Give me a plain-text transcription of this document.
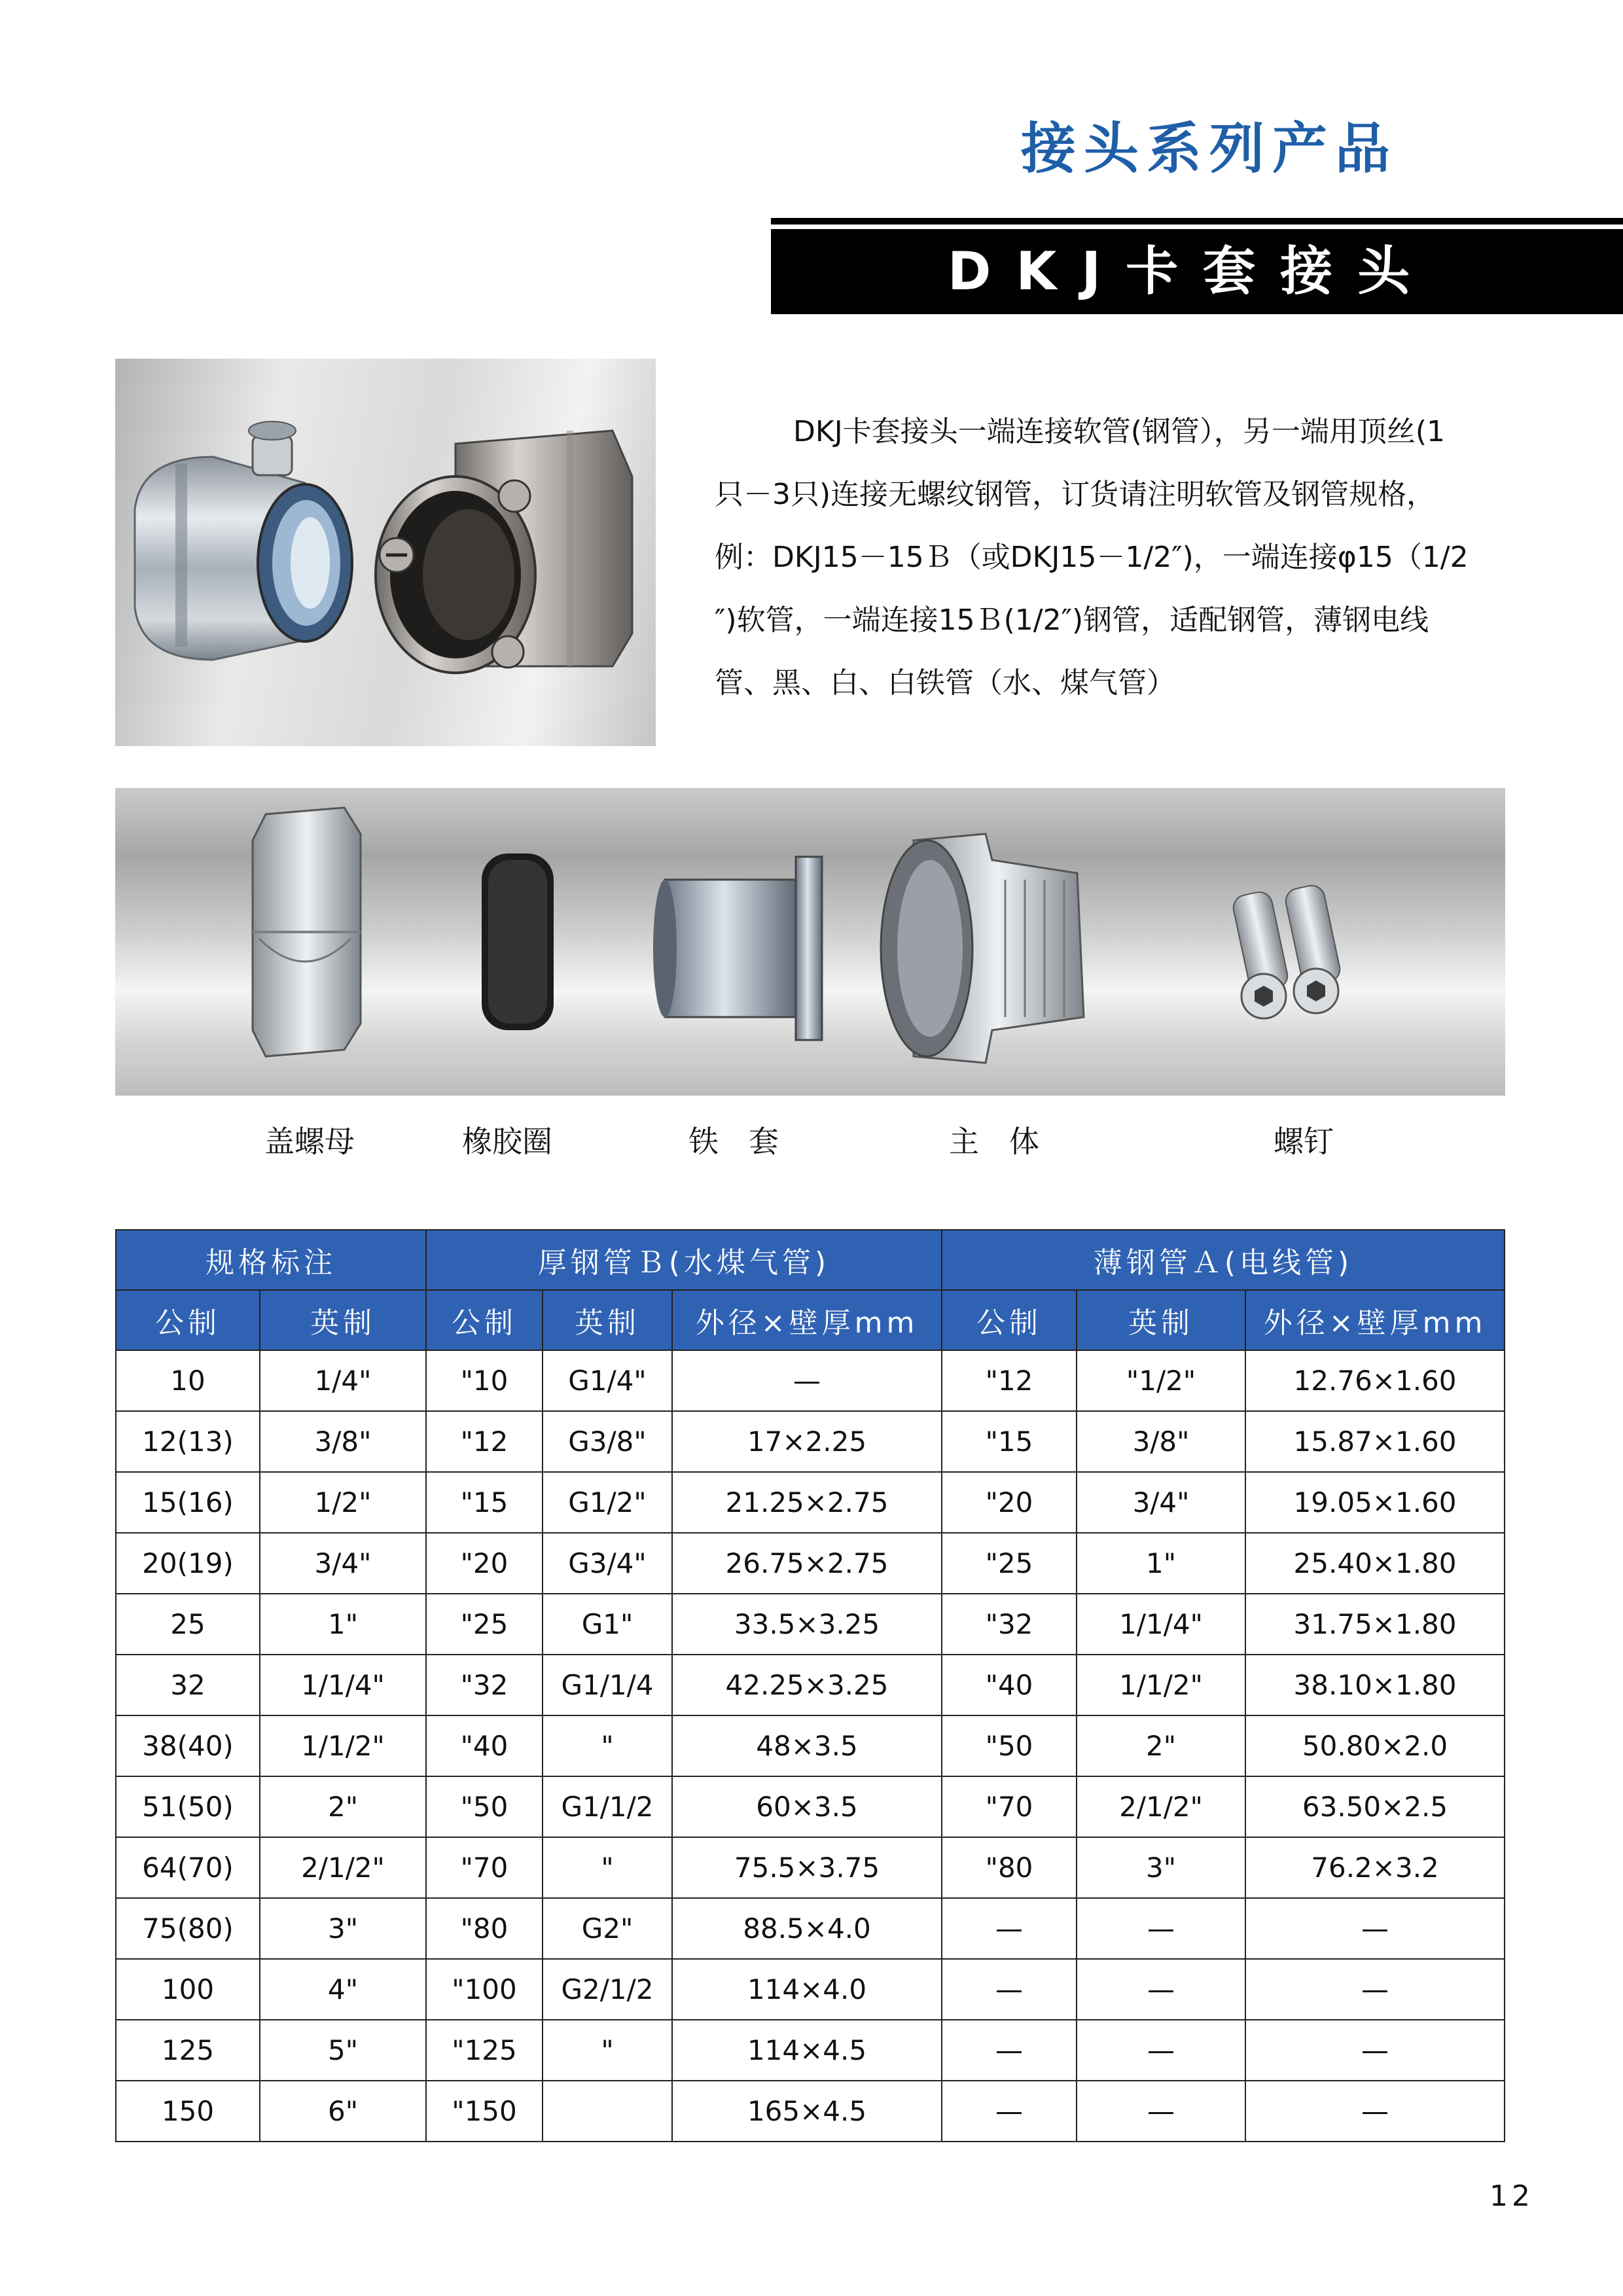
接头系列产品
DKJ卡套接头
DKJ卡套接头一端连接软管(钢管），另一端用顶丝(1
只－3只)连接无螺纹钢管，订货请注明软管及钢管规格，
例：DKJ15－15Ｂ（或DKJ15－1/2″)，一端连接φ15（1/2
″)软管，一端连接15Ｂ(1/2″)钢管，适配钢管，薄钢电线
管、黑、白、白铁管（水、煤气管）
盖螺母	橡胶圈	铁　套	主　体	螺钉
规格标注		厚钢管Ｂ(水煤气管)			薄钢管Ａ(电线管)		
公制	英制	公制	英制	外径×壁厚mm	公制	英制	外径×壁厚mm
10	1/4"	"10	G1/4"	—	"12	"1/2"	12.76×1.60
12(13)	3/8"	"12	G3/8"	17×2.25	"15	3/8"	15.87×1.60
15(16)	1/2"	"15	G1/2"	21.25×2.75	"20	3/4"	19.05×1.60
20(19)	3/4"	"20	G3/4"	26.75×2.75	"25	1"	25.40×1.80
25	1"	"25	G1"	33.5×3.25	"32	1/1/4"	31.75×1.80
32	1/1/4"	"32	G1/1/4	42.25×3.25	"40	1/1/2"	38.10×1.80
38(40)	1/1/2"	"40	"	48×3.5	"50	2"	50.80×2.0
51(50)	2"	"50	G1/1/2	60×3.5	"70	2/1/2"	63.50×2.5
64(70)	2/1/2"	"70	"	75.5×3.75	"80	3"	76.2×3.2
75(80)	3"	"80	G2"	88.5×4.0	—	—	—
100	4"	"100	G2/1/2	114×4.0	—	—	—
125	5"	"125	"	114×4.5	—	—	—
150	6"	"150		165×4.5	—	—	—
12
